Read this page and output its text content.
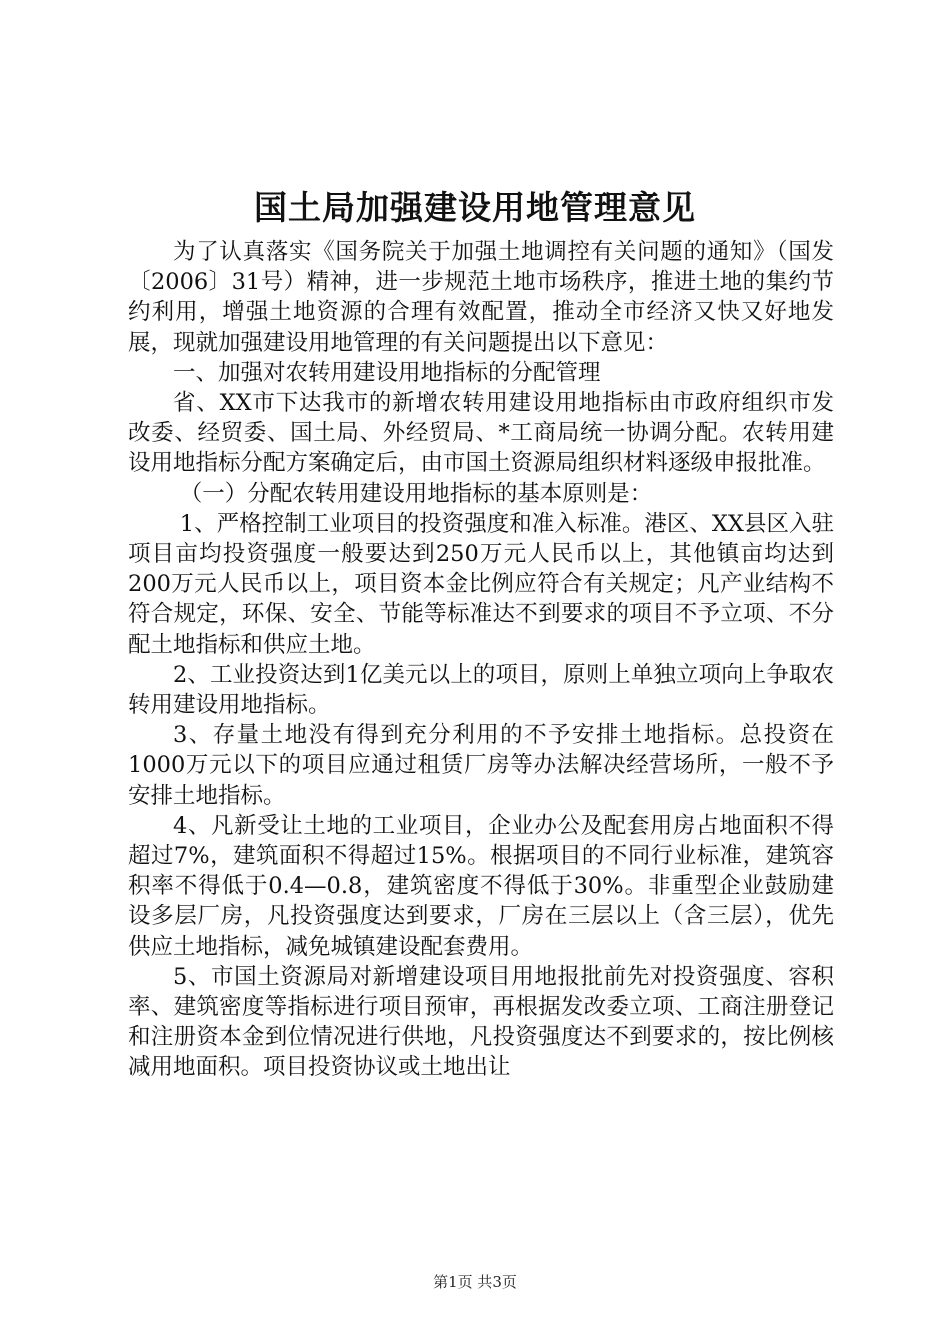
国土局加强建设用地管理意见

为了认真落实《国务院关于加强土地调控有关问题的通知》（国发〔2006〕31号）精神，进一步规范土地市场秩序，推进土地的集约节约利用，增强土地资源的合理有效配置，推动全市经济又快又好地发展，现就加强建设用地管理的有关问题提出以下意见：

一、加强对农转用建设用地指标的分配管理

省、XX市下达我市的新增农转用建设用地指标由市政府组织市发改委、经贸委、国土局、外经贸局、*工商局统一协调分配。农转用建设用地指标分配方案确定后，由市国土资源局组织材料逐级申报批准。

（一）分配农转用建设用地指标的基本原则是：

1、严格控制工业项目的投资强度和准入标准。港区、XX县区入驻项目亩均投资强度一般要达到250万元人民币以上，其他镇亩均达到200万元人民币以上，项目资本金比例应符合有关规定；凡产业结构不符合规定，环保、安全、节能等标准达不到要求的项目不予立项、不分配土地指标和供应土地。

2、工业投资达到1亿美元以上的项目，原则上单独立项向上争取农转用建设用地指标。

3、存量土地没有得到充分利用的不予安排土地指标。总投资在1000万元以下的项目应通过租赁厂房等办法解决经营场所，一般不予安排土地指标。

4、凡新受让土地的工业项目，企业办公及配套用房占地面积不得超过7%，建筑面积不得超过15%。根据项目的不同行业标准，建筑容积率不得低于0.4—0.8，建筑密度不得低于30%。非重型企业鼓励建设多层厂房，凡投资强度达到要求，厂房在三层以上（含三层），优先供应土地指标，减免城镇建设配套费用。

5、市国土资源局对新增建设项目用地报批前先对投资强度、容积率、建筑密度等指标进行项目预审，再根据发改委立项、工商注册登记和注册资本金到位情况进行供地，凡投资强度达不到要求的，按比例核减用地面积。项目投资协议或土地出让

第1页 共3页
